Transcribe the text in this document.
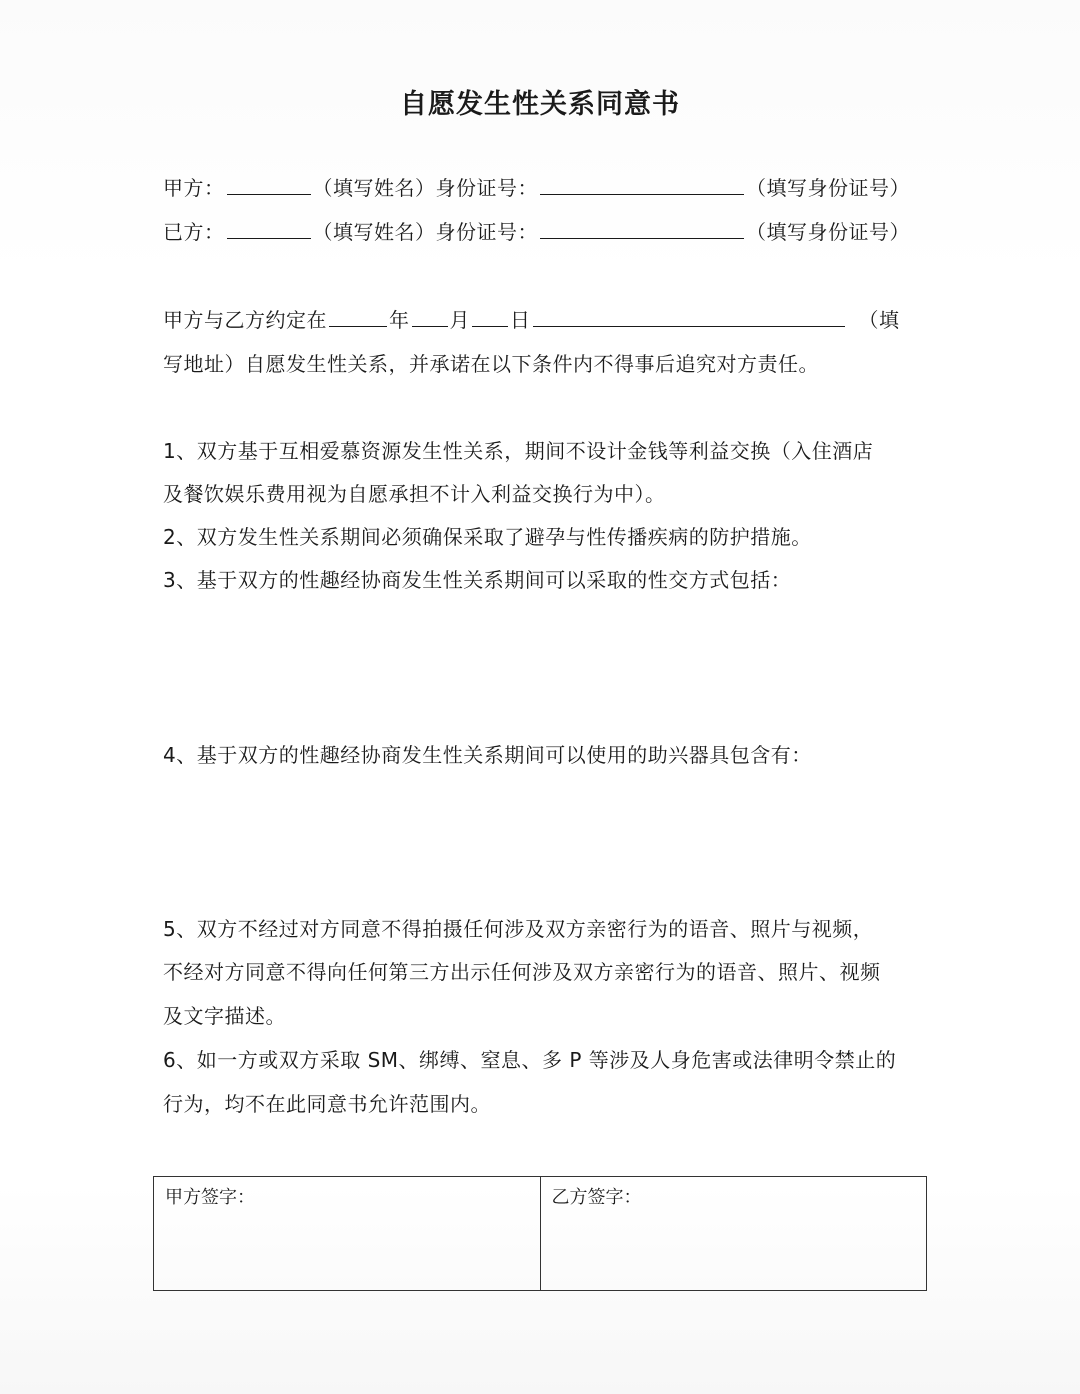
自愿发生性关系同意书
甲方：	（填写姓名）身份证号：	（填写身份证号）
已方：	（填写姓名）身份证号：	（填写身份证号）
甲方与乙方约定在	年 月 日	（填
写地址）自愿发生性关系，并承诺在以下条件内不得事后追究对方责任。
1、双方基于互相爱慕资源发生性关系，期间不设计金钱等利益交换（入住酒店
及餐饮娱乐费用视为自愿承担不计入利益交换行为中）。
2、双方发生性关系期间必须确保采取了避孕与性传播疾病的防护措施。
3、基于双方的性趣经协商发生性关系期间可以采取的性交方式包括：
4、基于双方的性趣经协商发生性关系期间可以使用的助兴器具包含有：
5、双方不经过对方同意不得拍摄任何涉及双方亲密行为的语音、照片与视频，
不经对方同意不得向任何第三方出示任何涉及双方亲密行为的语音、照片、视频
及文字描述。
6、如一方或双方采取 SM、绑缚、窒息、多 P 等涉及人身危害或法律明令禁止的
行为，均不在此同意书允许范围内。
甲方签字：	乙方签字：
